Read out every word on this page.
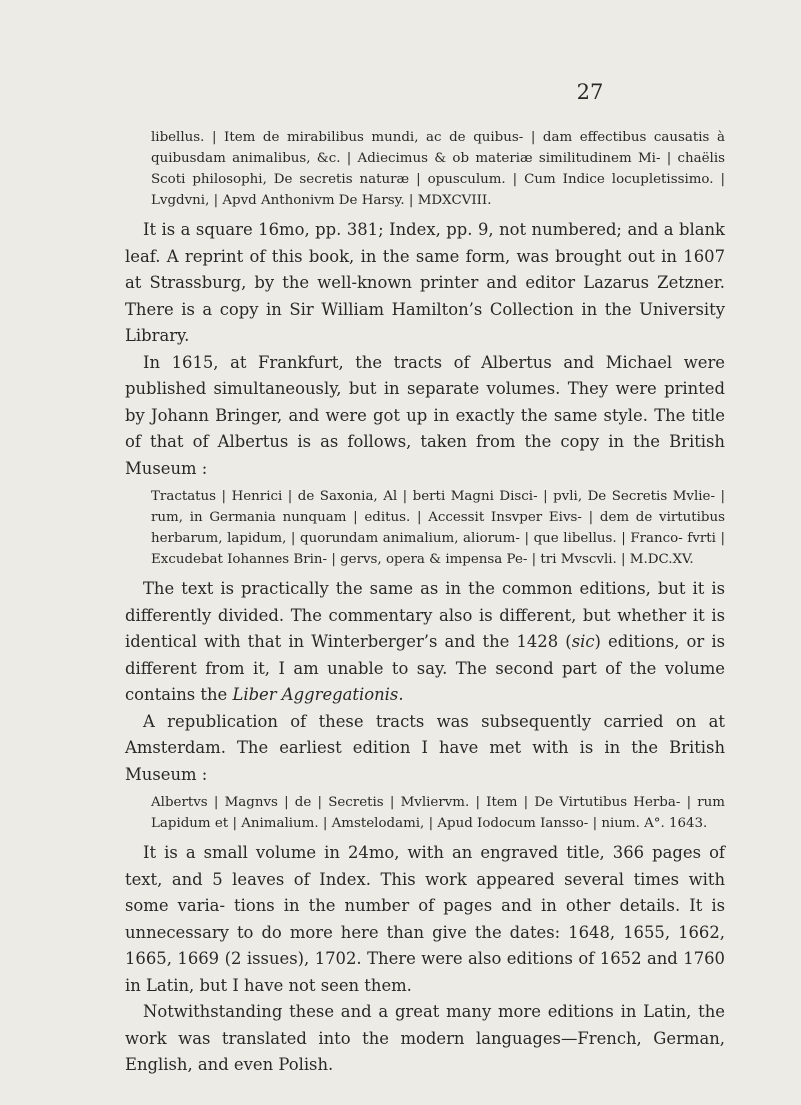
27

libellus. | Item de mirabilibus mundi, ac de quibus- | dam effectibus causatis à quibusdam animalibus, &c. | Adiecimus & ob materiæ similitudinem Mi- | chaëlis Scoti philosophi, De secretis naturæ | opusculum. | Cum Indice locupletissimo. | Lvgdvni, | Apvd Anthonivm De Harsy. | MDXCVIII.

It is a square 16mo, pp. 381; Index, pp. 9, not numbered; and a blank leaf. A reprint of this book, in the same form, was brought out in 1607 at Strassburg, by the well-known printer and editor Lazarus Zetzner. There is a copy in Sir William Hamilton’s Collection in the University Library.

In 1615, at Frankfurt, the tracts of Albertus and Michael were published simultaneously, but in separate volumes. They were printed by Johann Bringer, and were got up in exactly the same style. The title of that of Albertus is as follows, taken from the copy in the British Museum :

Tractatus | Henrici | de Saxonia, Al | berti Magni Disci- | pvli, De Secretis Mvlie- | rum, in Germania nunquam | editus. | Accessit Insvper Eivs- | dem de virtutibus herbarum, lapidum, | quorundam animalium, aliorum- | que libellus. | Franco- fvrti | Excudebat Iohannes Brin- | gervs, opera & impensa Pe- | tri Mvscvli. | M.DC.XV.

The text is practically the same as in the common editions, but it is differently divided. The commentary also is different, but whether it is identical with that in Winterberger’s and the 1428 (sic) editions, or is different from it, I am unable to say. The second part of the volume contains the Liber Aggregationis.

A republication of these tracts was subsequently carried on at Amsterdam. The earliest edition I have met with is in the British Museum :

Albertvs | Magnvs | de | Secretis | Mvliervm. | Item | De Virtutibus Herba- | rum Lapidum et | Animalium. | Amstelodami, | Apud Iodocum Iansso- | nium. A°. 1643.

It is a small volume in 24mo, with an engraved title, 366 pages of text, and 5 leaves of Index. This work appeared several times with some varia- tions in the number of pages and in other details. It is unnecessary to do more here than give the dates: 1648, 1655, 1662, 1665, 1669 (2 issues), 1702. There were also editions of 1652 and 1760 in Latin, but I have not seen them.

Notwithstanding these and a great many more editions in Latin, the work was translated into the modern languages—French, German, English, and even Polish.
